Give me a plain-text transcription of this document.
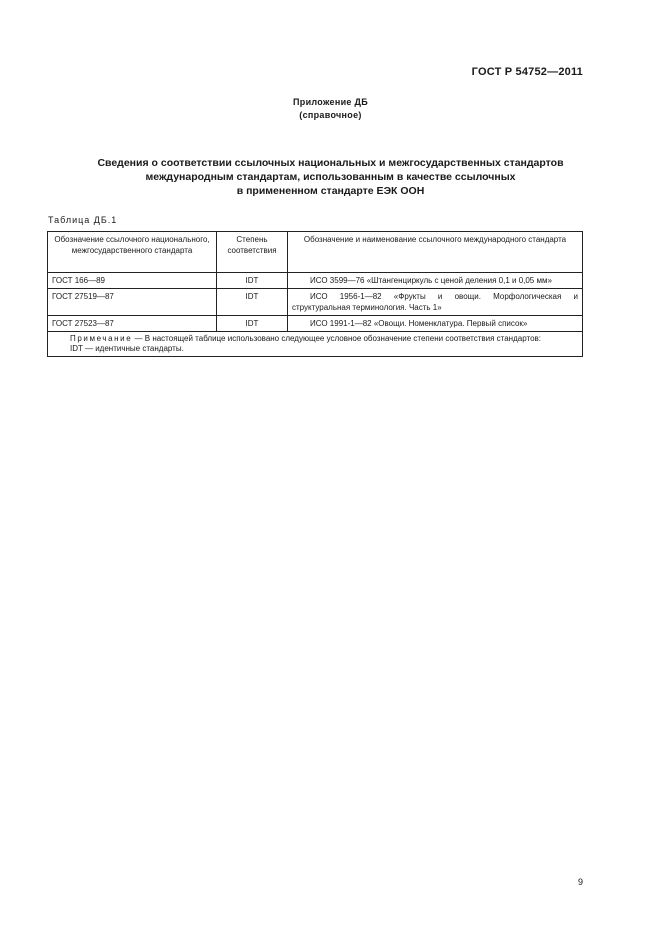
ГОСТ Р 54752—2011
Приложение ДБ
(справочное)
Сведения о соответствии ссылочных национальных и межгосударственных стандартов
международным стандартам, использованным в качестве ссылочных
в примененном стандарте ЕЭК ООН
Таблица ДБ.1
Обозначение ссылочного национального, межгосударственного стандарта	Степень соответствия	Обозначение и наименование ссылочного международного стандарта
ГОСТ 166—89	IDT	ИСО 3599—76 «Штангенциркуль с ценой деления 0,1 и 0,05 мм»
ГОСТ 27519—87	IDT	ИСО 1956-1—82 «Фрукты и овощи. Морфологическая и структуральная терминология. Часть 1»
ГОСТ 27523—87	IDT	ИСО 1991-1—82 «Овощи. Номенклатура. Первый список»

Примечание — В настоящей таблице использовано следующее условное обозначение степени соответствия стандартов:
IDT — идентичные стандарты.		
9
